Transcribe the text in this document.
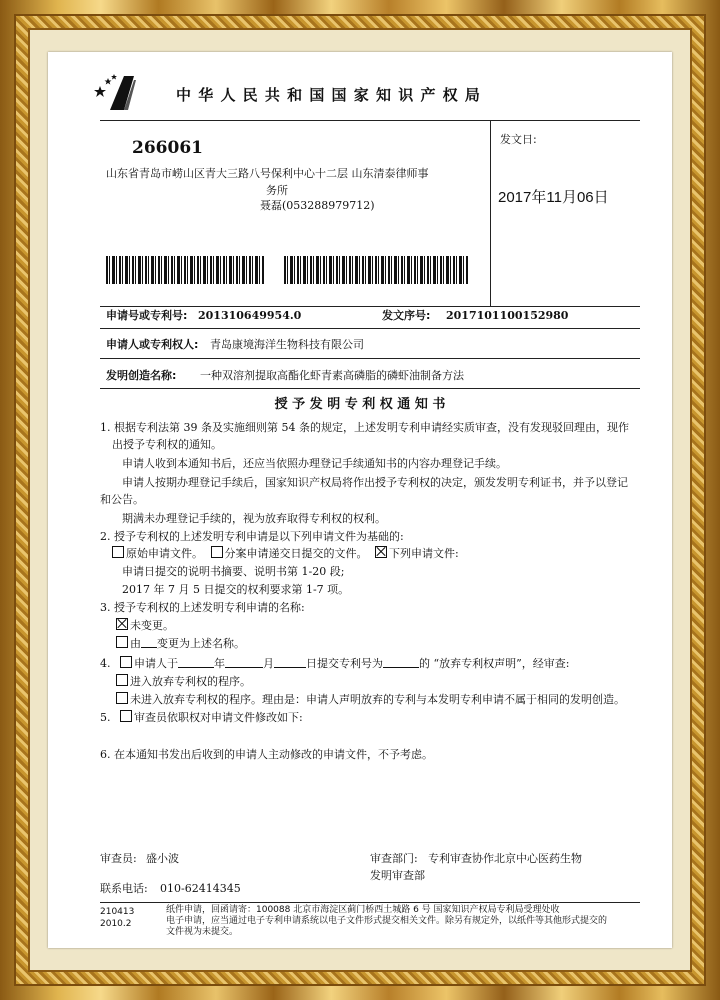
中 华 人 民 共 和 国 国 家 知 识 产 权 局
266061
山东省青岛市崂山区青大三路八号保利中心十二层 山东清泰律师事
务所
聂磊(053288979712)
发文日:
2017年11月06日
申请号或专利号: 201310649954.0	发文序号: 2017101100152980
申请人或专利权人: 青岛康境海洋生物科技有限公司
发明创造名称: 一种双溶剂提取高酯化虾青素高磷脂的磷虾油制备方法
授 予 发 明 专 利 权 通 知 书
1. 根据专利法第 39 条及实施细则第 54 条的规定，上述发明专利申请经实质审查，没有发现驳回理由，现作
出授予专利权的通知。
申请人收到本通知书后，还应当依照办理登记手续通知书的内容办理登记手续。
申请人按期办理登记手续后，国家知识产权局将作出授予专利权的决定，颁发发明专利证书，并予以登记
和公告。
期满未办理登记手续的，视为放弃取得专利权的权利。
2. 授予专利权的上述发明专利申请是以下列申请文件为基础的:
原始申请文件。 分案申请递交日提交的文件。 下列申请文件:
申请日提交的说明书摘要、说明书第 1-20 段;
2017 年 7 月 5 日提交的权利要求第 1-7 项。
3. 授予专利权的上述发明专利申请的名称:
未变更。
由 变更为上述名称。
4. 申请人于	年	月	日提交专利号为	的 “放弃专利权声明”，经审查:
进入放弃专利权的程序。
未进入放弃专利权的程序。理由是：申请人声明放弃的专利与本发明专利申请不属于相同的发明创造。
5. 审查员依职权对申请文件修改如下:
6. 在本通知书发出后收到的申请人主动修改的申请文件，不予考虑。
审查员: 盛小波	审查部门: 专利审查协作北京中心医药生物
发明审查部
联系电话: 010-62414345
210413
2010.2
纸件申请，回函请寄：100088 北京市海淀区蓟门桥西土城路 6 号 国家知识产权局专利局受理处收
电子申请，应当通过电子专利申请系统以电子文件形式提交相关文件。除另有规定外，以纸件等其他形式提交的
文件视为未提交。
